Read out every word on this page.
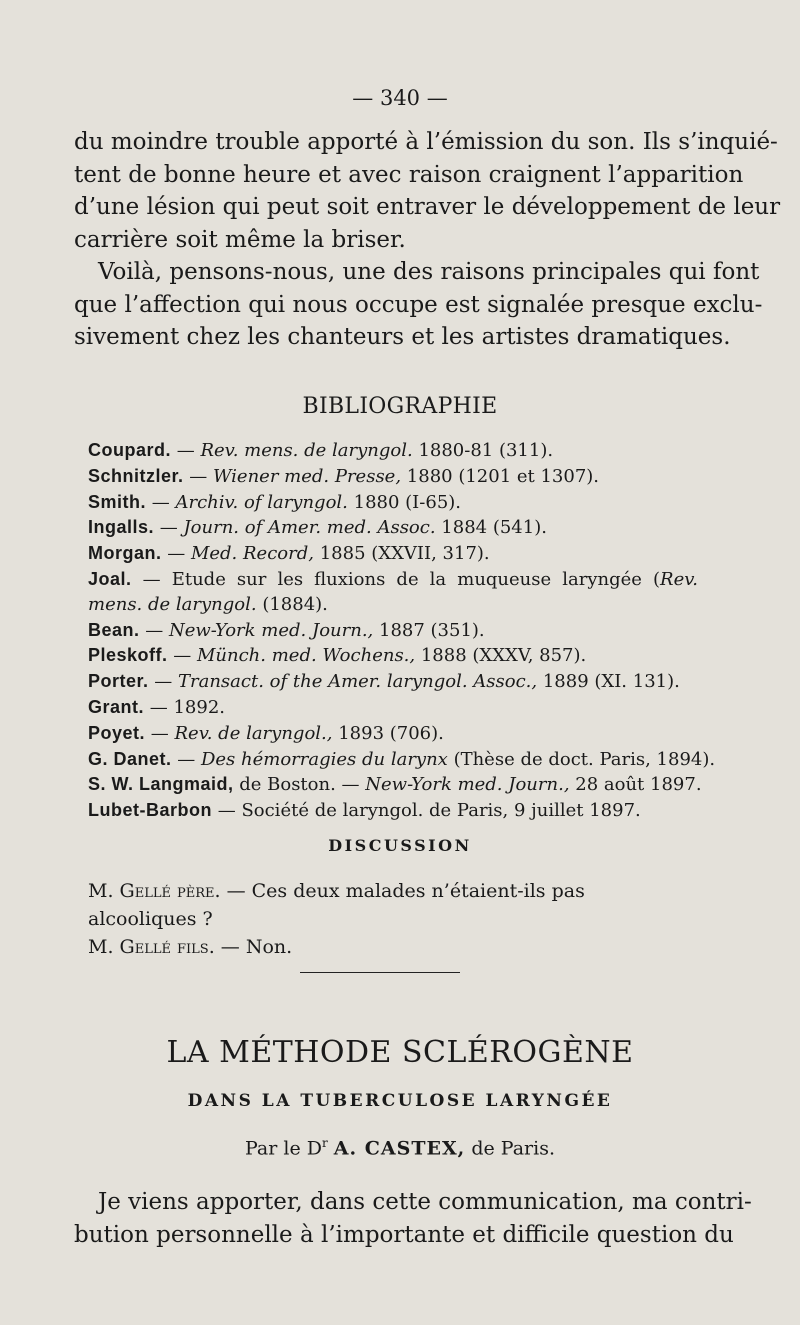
— 340 —
du moindre trouble apporté à l’émission du son. Ils s’inquié-
tent de bonne heure et avec raison craignent l’apparition
d’une lésion qui peut soit entraver le développement de leur
carrière soit même la briser.
Voilà, pensons-nous, une des raisons principales qui font
que l’affection qui nous occupe est signalée presque exclu-
sivement chez les chanteurs et les artistes dramatiques.
BIBLIOGRAPHIE
Coupard. — Rev. mens. de laryngol. 1880-81 (311).
Schnitzler. — Wiener med. Presse, 1880 (1201 et 1307).
Smith. — Archiv. of laryngol. 1880 (I-65).
Ingalls. — Journ. of Amer. med. Assoc. 1884 (541).
Morgan. — Med. Record, 1885 (XXVII, 317).
Joal. — Etude sur les fluxions de la muqueuse laryngée (Rev. mens. de laryngol. (1884).
Bean. — New-York med. Journ., 1887 (351).
Pleskoff. — Münch. med. Wochens., 1888 (XXXV, 857).
Porter. — Transact. of the Amer. laryngol. Assoc., 1889 (XI. 131).
Grant. — 1892.
Poyet. — Rev. de laryngol., 1893 (706).
G. Danet. — Des hémorragies du larynx (Thèse de doct. Paris, 1894).
S. W. Langmaid, de Boston. — New-York med. Journ., 28 août 1897.
Lubet-Barbon — Société de laryngol. de Paris, 9 juillet 1897.
DISCUSSION
M. Gellé père. — Ces deux malades n’étaient-ils pas alcooliques ?
M. Gellé fils. — Non.
LA MÉTHODE SCLÉROGÈNE
DANS LA TUBERCULOSE LARYNGÉE
Par le $D^r$ A. CASTEX, de Paris.
Je viens apporter, dans cette communication, ma contri-
bution personnelle à l’importante et difficile question du
